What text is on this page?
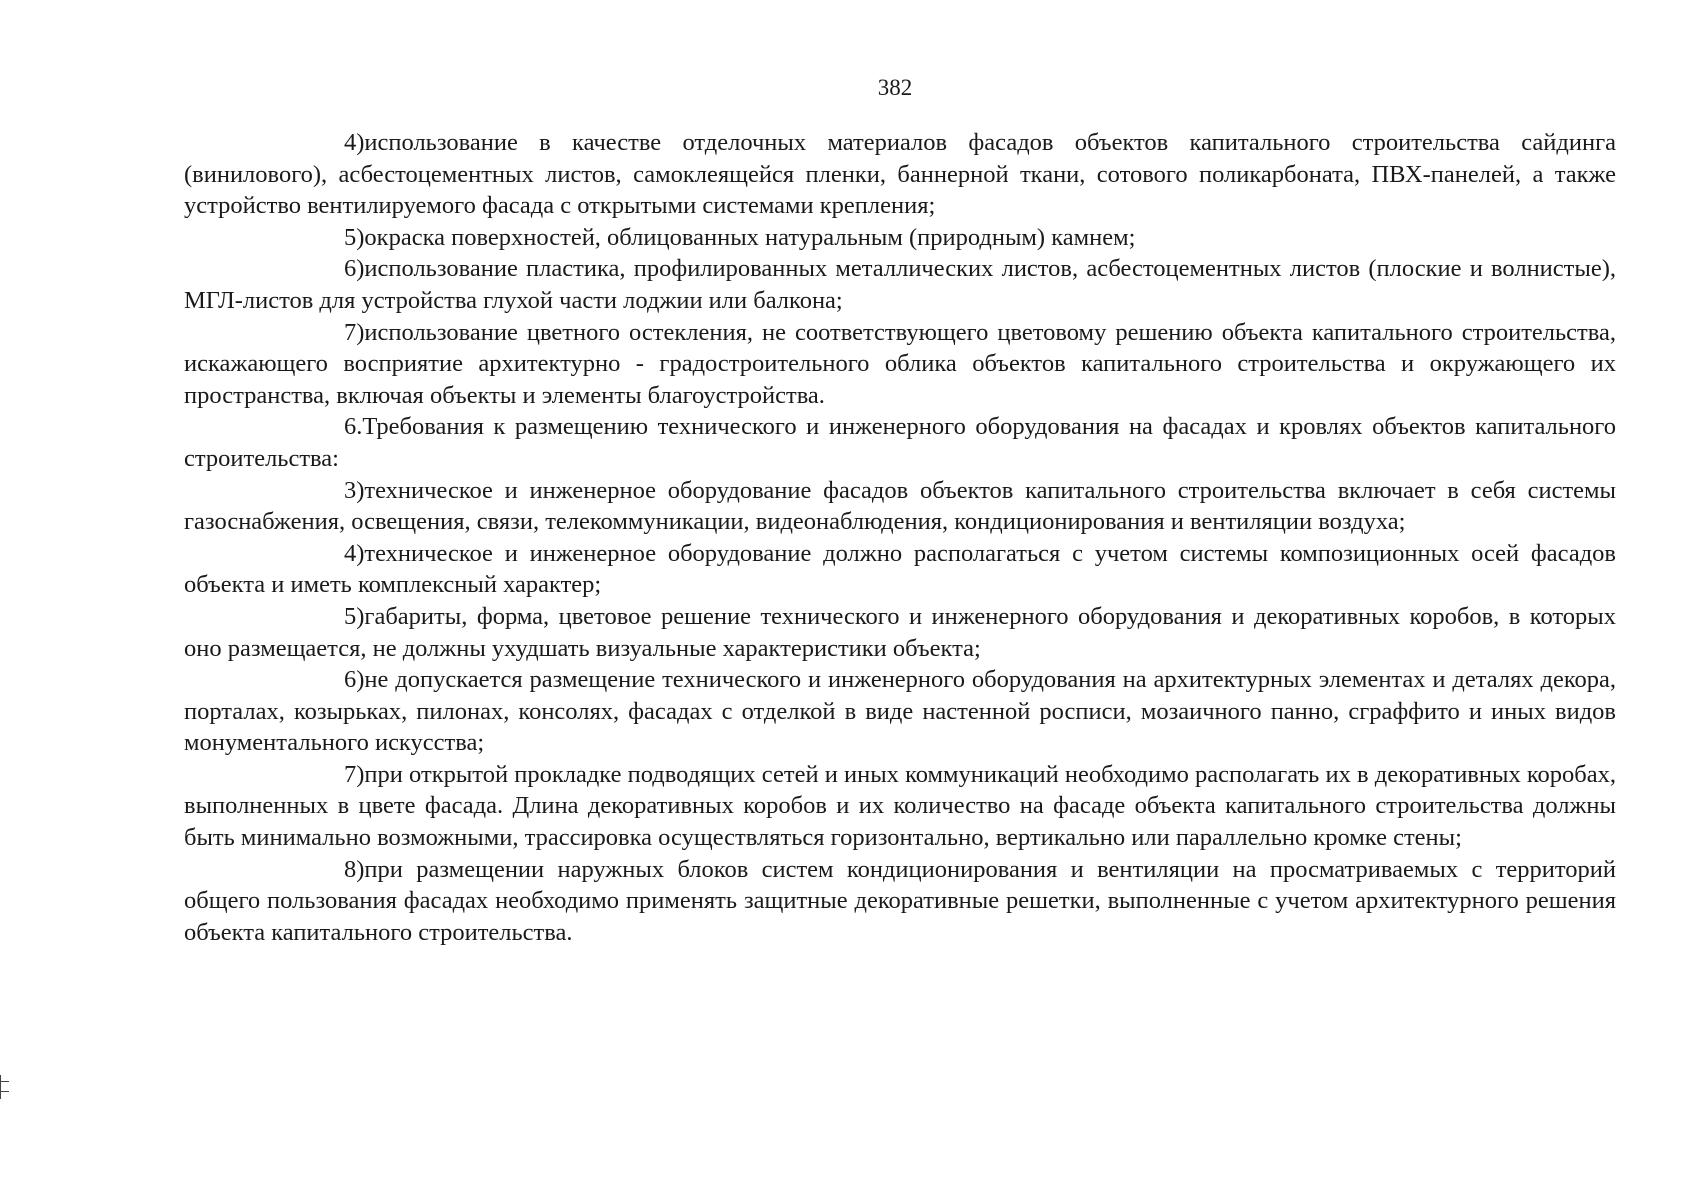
382

4)использование в качестве отделочных материалов фасадов объектов капитального строительства сайдинга (винилового), асбестоцементных листов, самоклеящейся пленки, баннерной ткани, сотового поликарбоната, ПВХ-панелей, а также устройство вентилируемого фасада с открытыми системами крепления;

5)окраска поверхностей, облицованных натуральным (природным) камнем;

6)использование пластика, профилированных металлических листов, асбестоцементных листов (плоские и волнистые), МГЛ-листов для устройства глухой части лоджии или балкона;

7)использование цветного остекления, не соответствующего цветовому решению объекта капитального строительства, искажающего восприятие архитектурно - градостроительного облика объектов капитального строительства и окружающего их пространства, включая объекты и элементы благоустройства.

6.Требования к размещению технического и инженерного оборудования на фасадах и кровлях объектов капитального строительства:

3)техническое и инженерное оборудование фасадов объектов капитального строительства включает в себя системы газоснабжения, освещения, связи, телекоммуникации, видеонаблюдения, кондиционирования и вентиляции воздуха;

4)техническое и инженерное оборудование должно располагаться с учетом системы композиционных осей фасадов объекта и иметь комплексный характер;

5)габариты, форма, цветовое решение технического и инженерного оборудования и декоративных коробов, в которых оно размещается, не должны ухудшать визуальные характеристики объекта;

6)не допускается размещение технического и инженерного оборудования на архитектурных элементах и деталях декора, порталах, козырьках, пилонах, консолях, фасадах с отделкой в виде настенной росписи, мозаичного панно, сграффито и иных видов монументального искусства;

7)при открытой прокладке подводящих сетей и иных коммуникаций необходимо располагать их в декоративных коробах, выполненных в цвете фасада. Длина декоративных коробов и их количество на фасаде объекта капитального строительства должны быть минимально возможными, трассировка осуществляться горизонтально, вертикально или параллельно кромке стены;

8)при размещении наружных блоков систем кондиционирования и вентиляции на просматриваемых с территорий общего пользования фасадах необходимо применять защитные декоративные решетки, выполненные с учетом архитектурного решения объекта капитального строительства.
